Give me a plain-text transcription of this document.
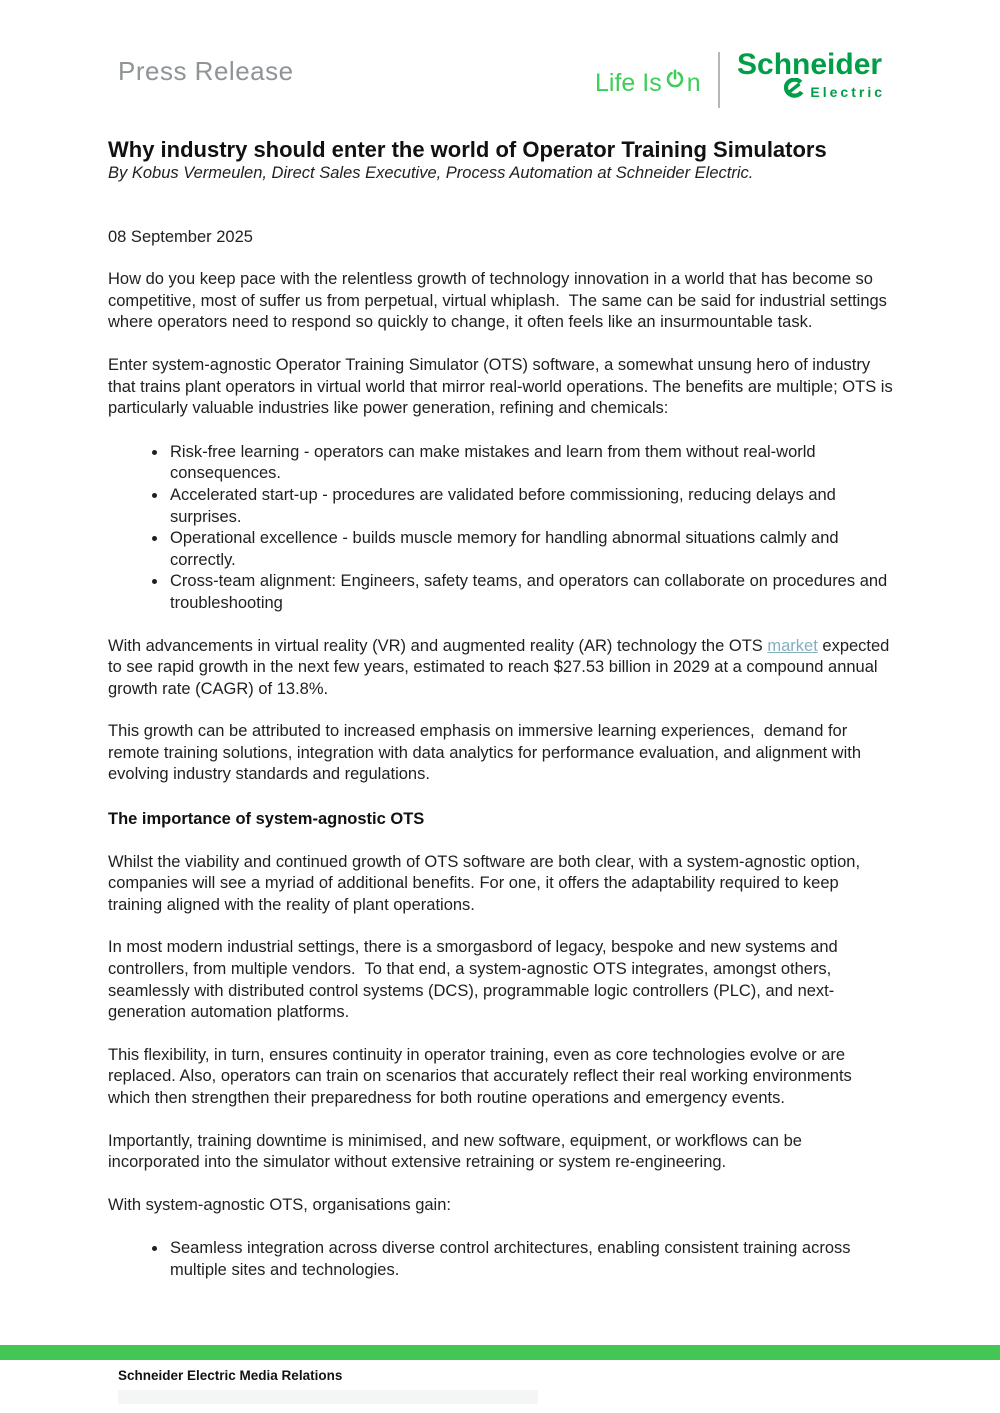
Press Release	Life Is n
Schneider
Electric
Why industry should enter the world of Operator Training Simulators
By Kobus Vermeulen, Direct Sales Executive, Process Automation at Schneider Electric.
08 September 2025

How do you keep pace with the relentless growth of technology innovation in a world that has become so competitive, most of suffer us from perpetual, virtual whiplash.  The same can be said for industrial settings where operators need to respond so quickly to change, it often feels like an insurmountable task.

Enter system-agnostic Operator Training Simulator (OTS) software, a somewhat unsung hero of industry that trains plant operators in virtual world that mirror real-world operations. The benefits are multiple; OTS is particularly valuable industries like power generation, refining and chemicals:

• Risk-free learning - operators can make mistakes and learn from them without real-world consequences.
• Accelerated start-up - procedures are validated before commissioning, reducing delays and surprises.
• Operational excellence - builds muscle memory for handling abnormal situations calmly and correctly.
• Cross-team alignment: Engineers, safety teams, and operators can collaborate on procedures and troubleshooting

With advancements in virtual reality (VR) and augmented reality (AR) technology the OTS market expected to see rapid growth in the next few years, estimated to reach $27.53 billion in 2029 at a compound annual growth rate (CAGR) of 13.8%.

This growth can be attributed to increased emphasis on immersive learning experiences,  demand for remote training solutions, integration with data analytics for performance evaluation, and alignment with evolving industry standards and regulations.

The importance of system-agnostic OTS

Whilst the viability and continued growth of OTS software are both clear, with a system-agnostic option, companies will see a myriad of additional benefits. For one, it offers the adaptability required to keep training aligned with the reality of plant operations.

In most modern industrial settings, there is a smorgasbord of legacy, bespoke and new systems and controllers, from multiple vendors.  To that end, a system-agnostic OTS integrates, amongst others, seamlessly with distributed control systems (DCS), programmable logic controllers (PLC), and next-generation automation platforms.

This flexibility, in turn, ensures continuity in operator training, even as core technologies evolve or are replaced. Also, operators can train on scenarios that accurately reflect their real working environments which then strengthen their preparedness for both routine operations and emergency events.

Importantly, training downtime is minimised, and new software, equipment, or workflows can be incorporated into the simulator without extensive retraining or system re-engineering.

With system-agnostic OTS, organisations gain:

• Seamless integration across diverse control architectures, enabling consistent training across multiple sites and technologies.
Schneider Electric Media Relations
